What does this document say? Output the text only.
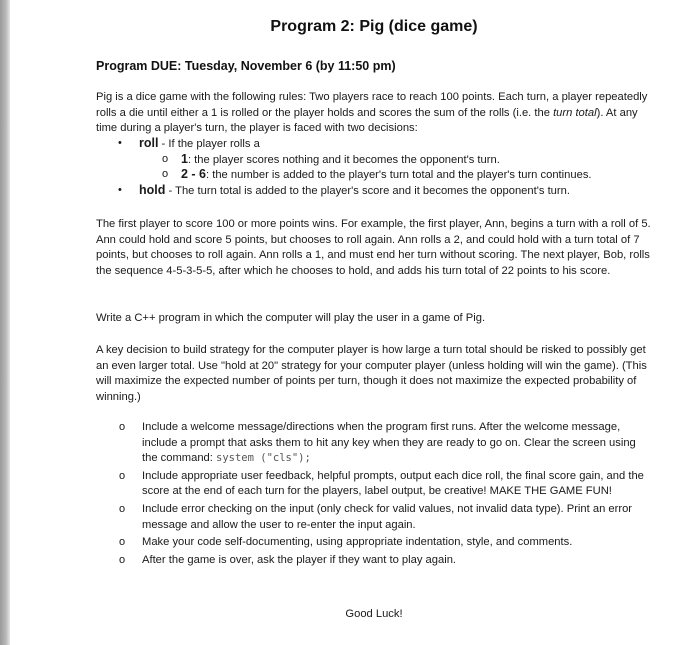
Program 2: Pig (dice game)
Program DUE: Tuesday, November 6 (by 11:50 pm)
Pig is a dice game with the following rules: Two players race to reach 100 points. Each turn, a player repeatedly rolls a die until either a 1 is rolled or the player holds and scores the sum of the rolls (i.e. the turn total). At any time during a player's turn, the player is faced with two decisions:
• roll - If the player rolls a
o 1: the player scores nothing and it becomes the opponent's turn.
o 2 - 6: the number is added to the player's turn total and the player's turn continues.
• hold - The turn total is added to the player's score and it becomes the opponent's turn.
The first player to score 100 or more points wins. For example, the first player, Ann, begins a turn with a roll of 5. Ann could hold and score 5 points, but chooses to roll again. Ann rolls a 2, and could hold with a turn total of 7 points, but chooses to roll again. Ann rolls a 1, and must end her turn without scoring. The next player, Bob, rolls the sequence 4-5-3-5-5, after which he chooses to hold, and adds his turn total of 22 points to his score.
Write a C++ program in which the computer will play the user in a game of Pig.
A key decision to build strategy for the computer player is how large a turn total should be risked to possibly get an even larger total. Use "hold at 20" strategy for your computer player (unless holding will win the game). (This will maximize the expected number of points per turn, though it does not maximize the expected probability of winning.)
o Include a welcome message/directions when the program first runs. After the welcome message, include a prompt that asks them to hit any key when they are ready to go on. Clear the screen using the command: system ("cls");
o Include appropriate user feedback, helpful prompts, output each dice roll, the final score gain, and the score at the end of each turn for the players, label output, be creative! MAKE THE GAME FUN!
o Include error checking on the input (only check for valid values, not invalid data type). Print an error message and allow the user to re-enter the input again.
o Make your code self-documenting, using appropriate indentation, style, and comments.
o After the game is over, ask the player if they want to play again.
Good Luck!
